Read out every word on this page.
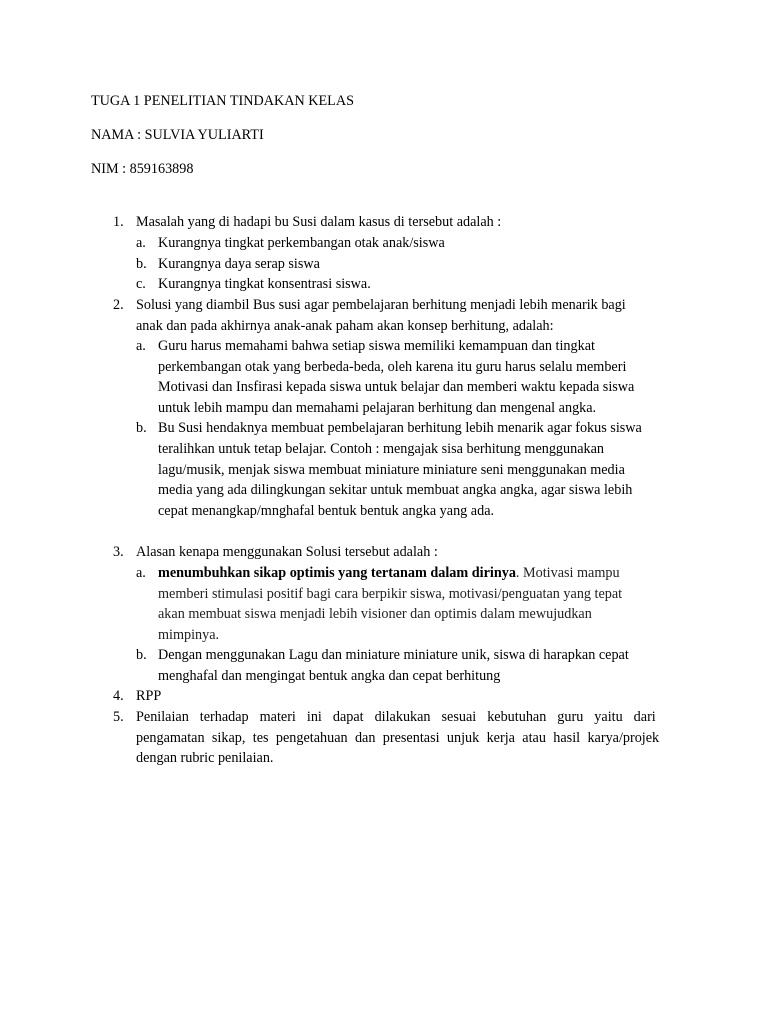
TUGA 1 PENELITIAN TINDAKAN KELAS
NAMA : SULVIA YULIARTI
NIM : 859163898
1. Masalah yang di hadapi bu Susi dalam kasus di tersebut adalah :
a. Kurangnya tingkat perkembangan otak anak/siswa
b. Kurangnya daya serap siswa
c. Kurangnya tingkat konsentrasi siswa.
2. Solusi yang diambil Bus susi agar pembelajaran berhitung menjadi lebih menarik bagi
anak dan pada akhirnya anak-anak paham akan konsep berhitung, adalah:
a. Guru harus memahami bahwa setiap siswa memiliki kemampuan dan tingkat
perkembangan otak yang berbeda-beda, oleh karena itu guru harus selalu memberi
Motivasi dan Insfirasi kepada siswa untuk belajar dan memberi waktu kepada siswa
untuk lebih mampu dan memahami pelajaran berhitung dan mengenal angka.
b. Bu Susi hendaknya membuat pembelajaran berhitung lebih menarik agar fokus siswa
teralihkan untuk tetap belajar. Contoh : mengajak sisa berhitung menggunakan
lagu/musik, menjak siswa membuat miniature miniature seni menggunakan media
media yang ada dilingkungan sekitar untuk membuat angka angka, agar siswa lebih
cepat menangkap/mnghafal bentuk bentuk angka yang ada.
3. Alasan kenapa menggunakan Solusi tersebut adalah :
a. menumbuhkan sikap optimis yang tertanam dalam dirinya. Motivasi mampu
memberi stimulasi positif bagi cara berpikir siswa, motivasi/penguatan yang tepat
akan membuat siswa menjadi lebih visioner dan optimis dalam mewujudkan
mimpinya.
b. Dengan menggunakan Lagu dan miniature miniature unik, siswa di harapkan cepat
menghafal dan mengingat bentuk angka dan cepat berhitung
4. RPP
5. Penilaian terhadap materi ini dapat dilakukan sesuai kebutuhan guru yaitu dari
pengamatan sikap, tes pengetahuan dan presentasi unjuk kerja atau hasil karya/projek
dengan rubric penilaian.
